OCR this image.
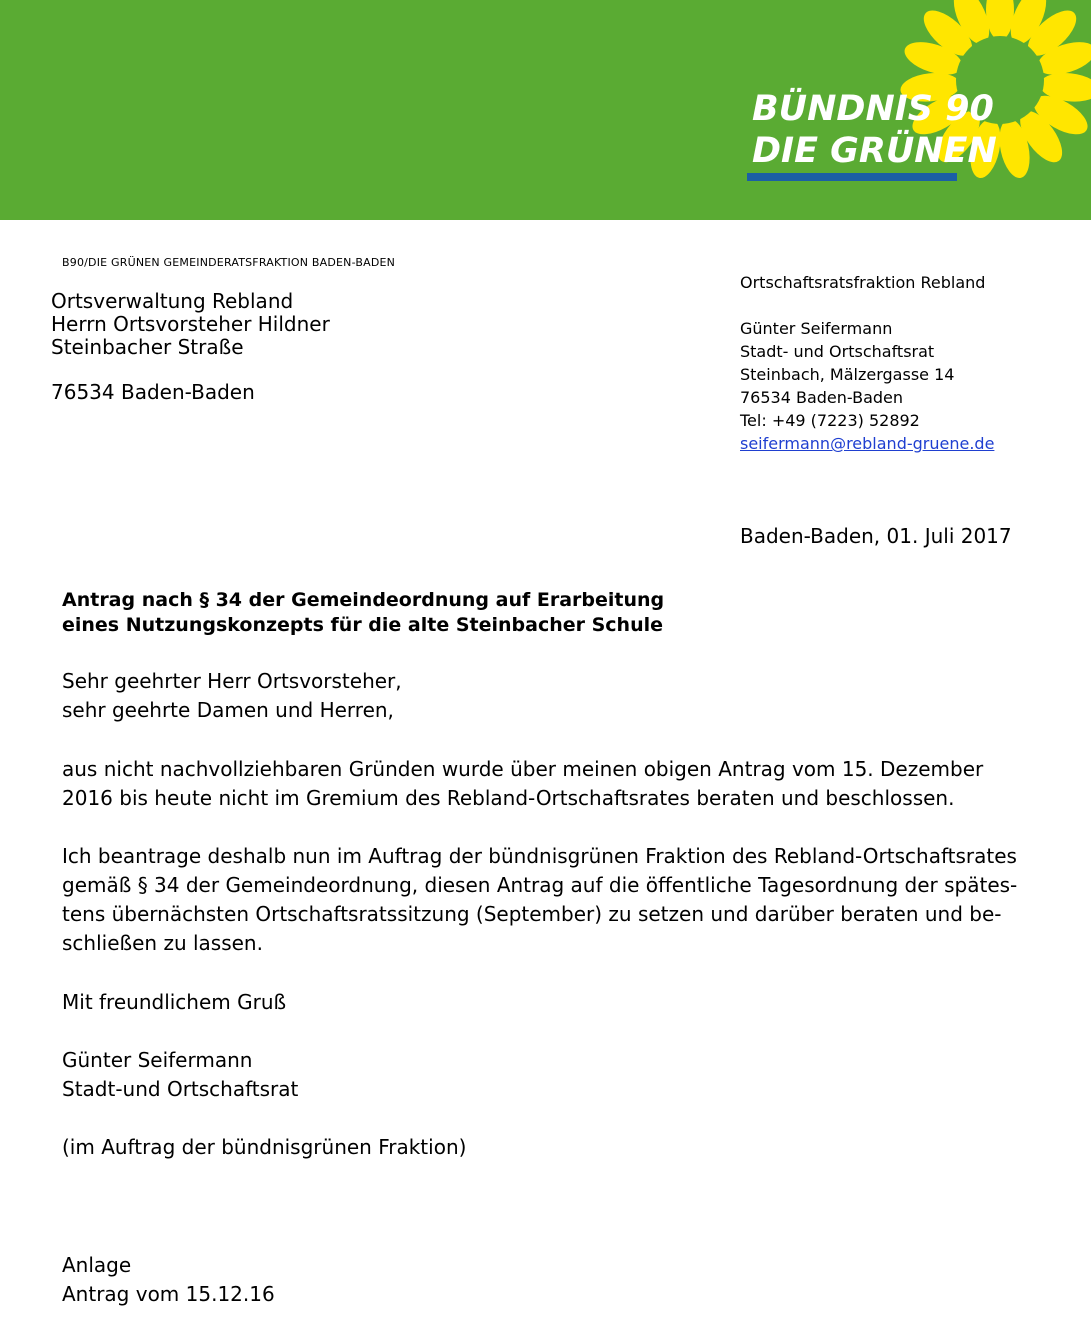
BÜNDNIS 90
DIE GRÜNEN
B90/DIE GRÜNEN GEMEINDERATSFRAKTION BADEN-BADEN
Ortsverwaltung Rebland
Herrn Ortsvorsteher Hildner
Steinbacher Straße
76534 Baden-Baden
Ortschaftsratsfraktion Rebland
Günter Seifermann
Stadt- und Ortschaftsrat
Steinbach, Mälzergasse 14
76534 Baden-Baden
Tel: +49 (7223) 52892
seifermann@rebland-gruene.de
Baden-Baden, 01. Juli 2017
Antrag nach § 34 der Gemeindeordnung auf Erarbeitung
eines Nutzungskonzepts für die alte Steinbacher Schule
Sehr geehrter Herr Ortsvorsteher,
sehr geehrte Damen und Herren,
aus nicht nachvollziehbaren Gründen wurde über meinen obigen Antrag vom 15. Dezember
2016 bis heute nicht im Gremium des Rebland-Ortschaftsrates beraten und beschlossen.
Ich beantrage deshalb nun im Auftrag der bündnisgrünen Fraktion des Rebland-Ortschaftsrates
gemäß § 34 der Gemeindeordnung, diesen Antrag auf die öffentliche Tagesordnung der spätes-
tens übernächsten Ortschaftsratssitzung (September) zu setzen und darüber beraten und be-
schließen zu lassen.
Mit freundlichem Gruß
Günter Seifermann
Stadt-und Ortschaftsrat
(im Auftrag der bündnisgrünen Fraktion)
Anlage
Antrag vom 15.12.16
